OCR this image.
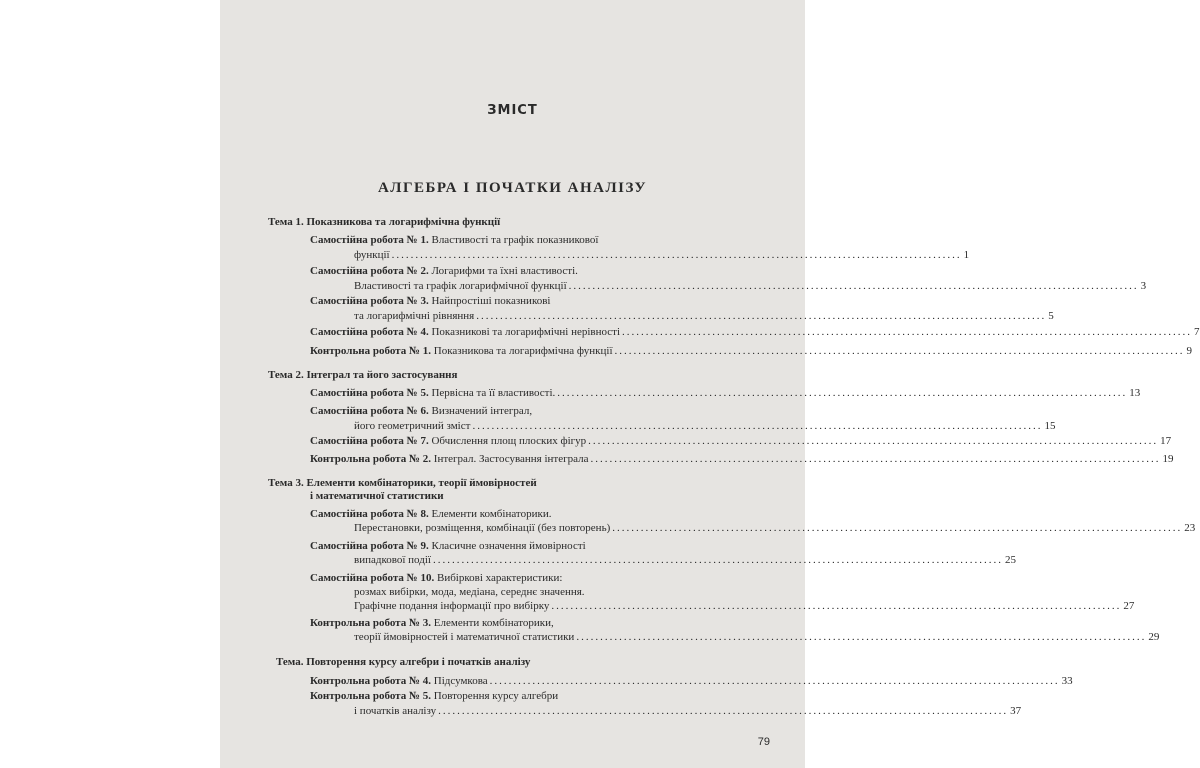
ЗМІСТ
АЛГЕБРА І ПОЧАТКИ АНАЛІЗУ
Тема 1. Показникова та логарифмічна функції
Самостійна робота № 1. Властивості та графік показникової
функції ........................................................................................................................ 1
Самостійна робота № 2. Логарифми та їхні властивості.
Властивості та графік логарифмічної функції ........................................................................................................................ 3
Самостійна робота № 3. Найпростіші показникові
та логарифмічні рівняння ........................................................................................................................ 5
Самостійна робота № 4. Показникові та логарифмічні нерівності ........................................................................................................................ 7
Контрольна робота № 1. Показникова та логарифмічна функції ........................................................................................................................ 9
Тема 2. Інтеграл та його застосування
Самостійна робота № 5. Первісна та її властивості. ........................................................................................................................ 13
Самостійна робота № 6. Визначений інтеграл,
його геометричний зміст ........................................................................................................................ 15
Самостійна робота № 7. Обчислення площ плоских фігур ........................................................................................................................ 17
Контрольна робота № 2. Інтеграл. Застосування інтеграла ........................................................................................................................ 19
Тема 3. Елементи комбінаторики, теорії ймовірностей
і математичної статистики
Самостійна робота № 8. Елементи комбінаторики.
Перестановки, розміщення, комбінації (без повторень) ........................................................................................................................ 23
Самостійна робота № 9. Класичне означення ймовірності
випадкової події ........................................................................................................................ 25
Самостійна робота № 10. Вибіркові характеристики:
розмах вибірки, мода, медіана, середнє значення.
Графічне подання інформації про вибірку ........................................................................................................................ 27
Контрольна робота № 3. Елементи комбінаторики,
теорії ймовірностей і математичної статистики ........................................................................................................................ 29
Тема. Повторення курсу алгебри і початків аналізу
Контрольна робота № 4. Підсумкова ........................................................................................................................ 33
Контрольна робота № 5. Повторення курсу алгебри
і початків аналізу ........................................................................................................................ 37
79
